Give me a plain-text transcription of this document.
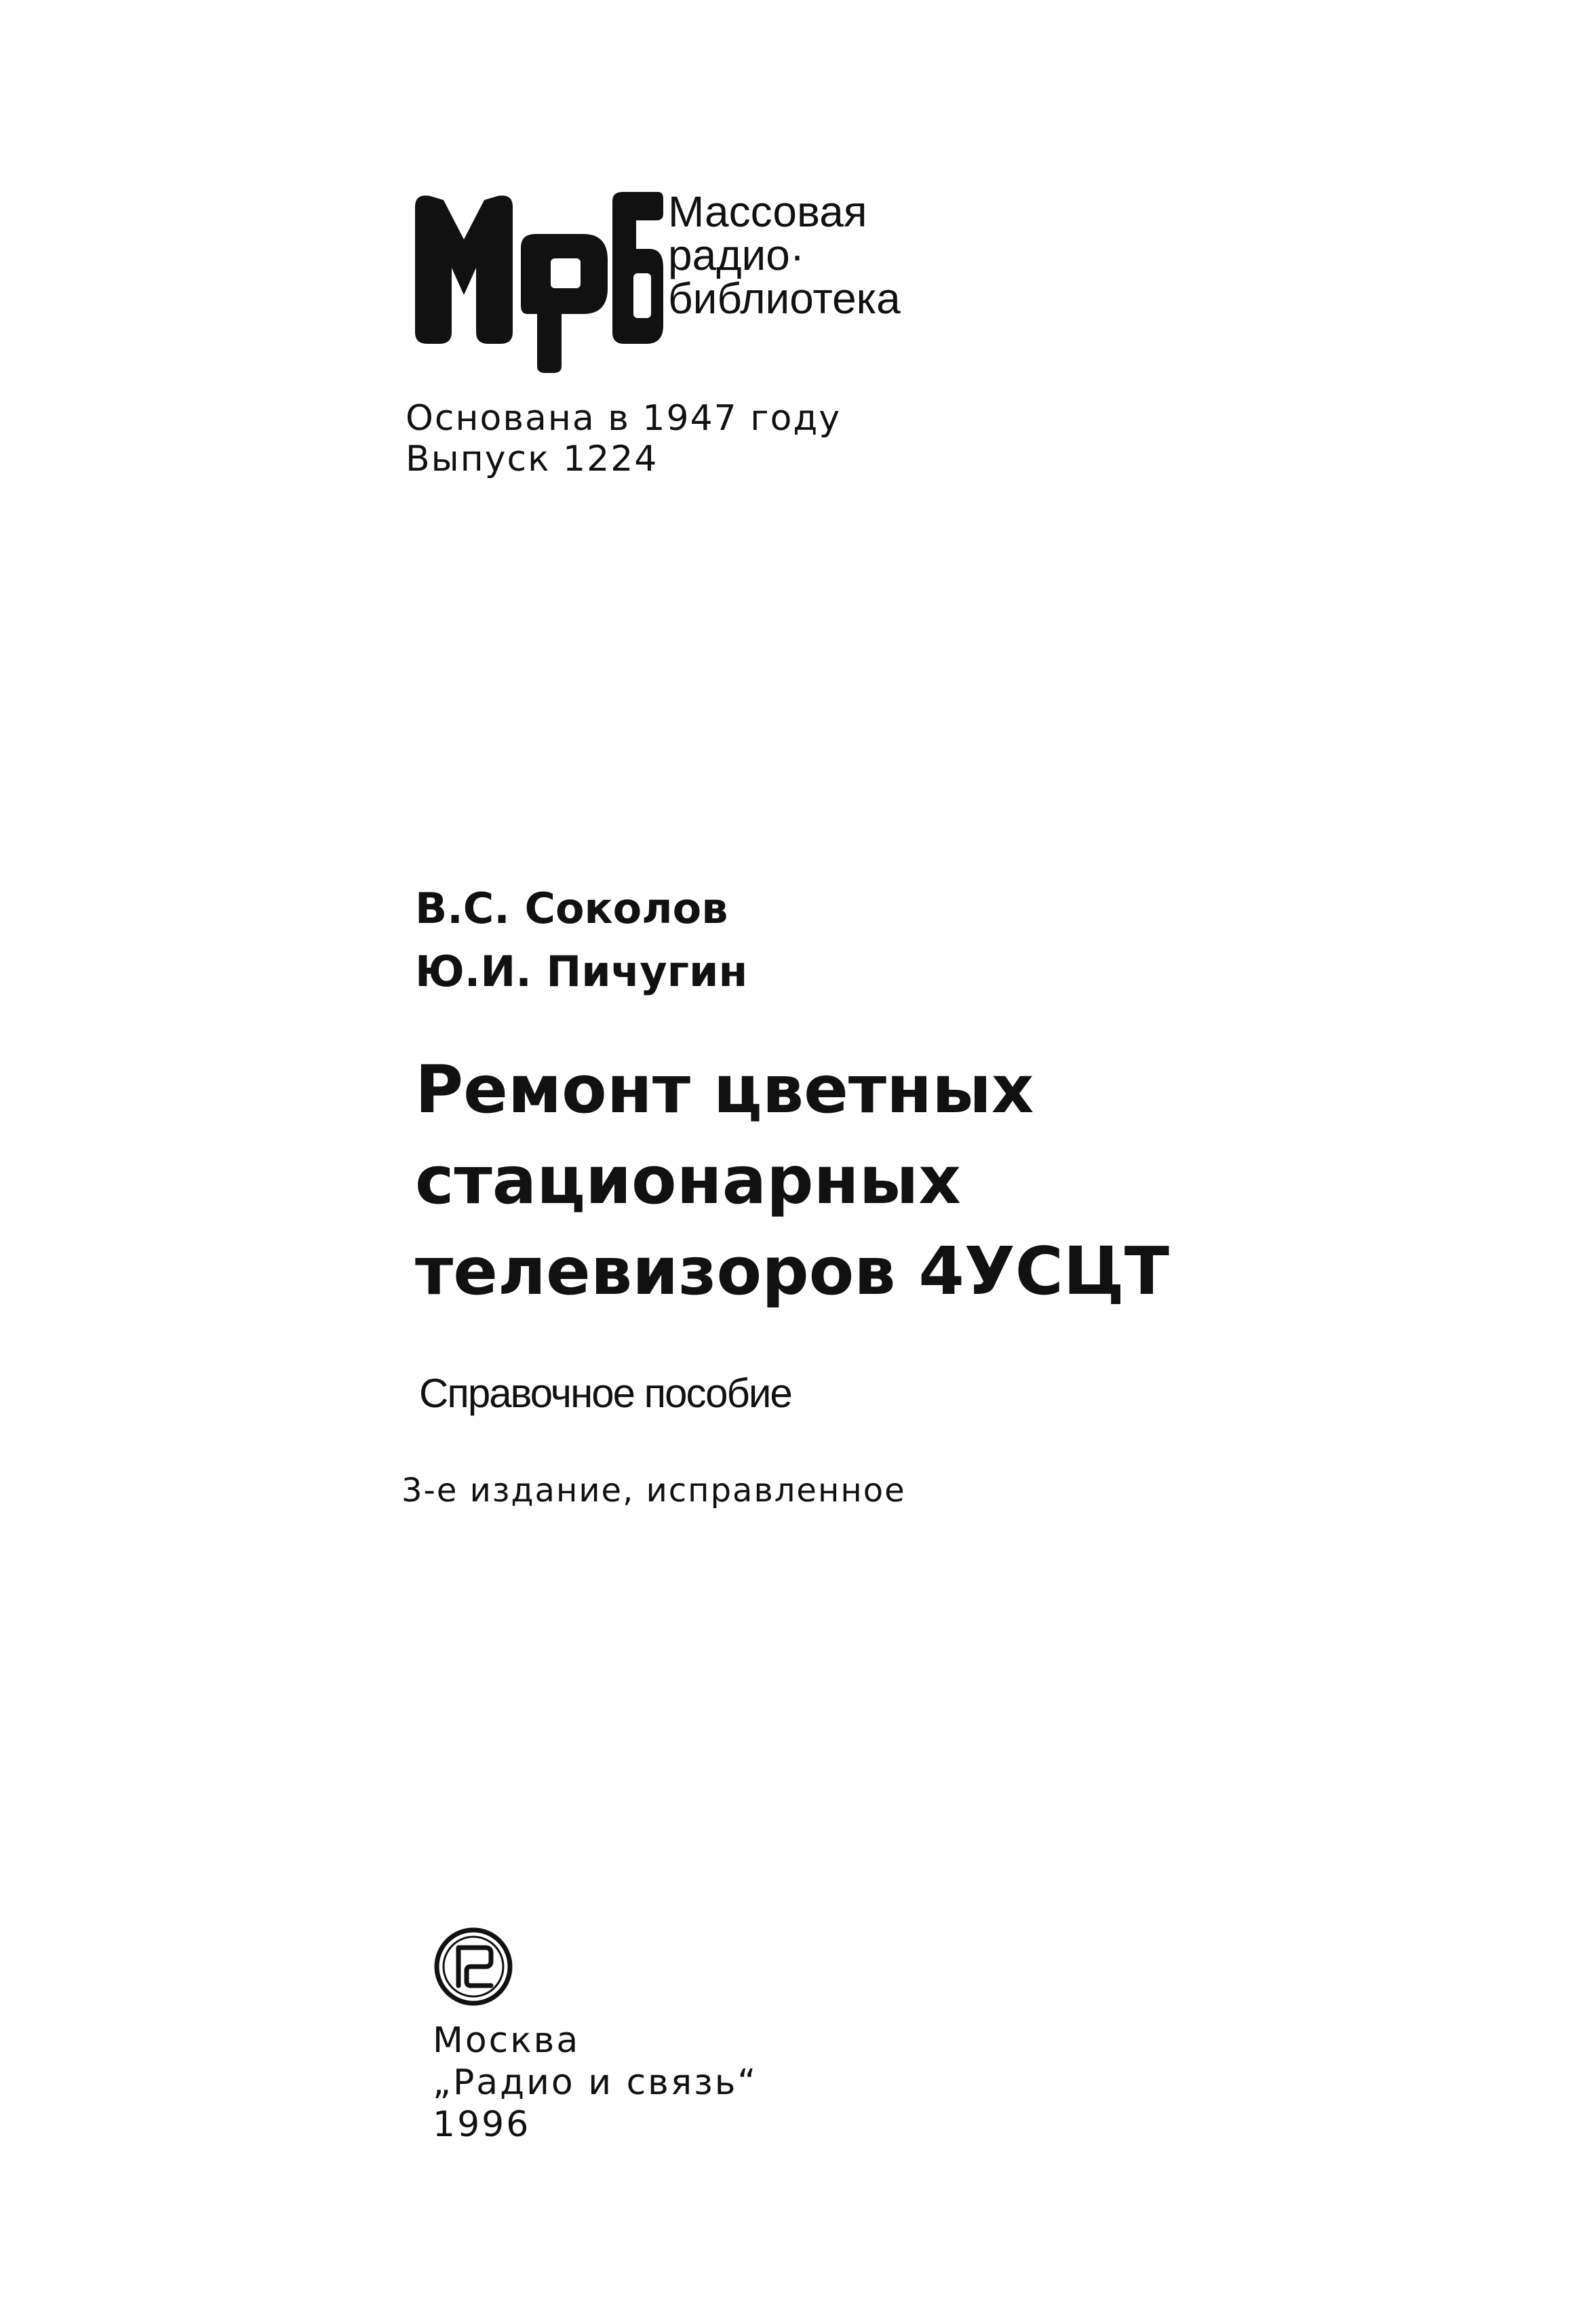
Массовая
радио·
библиотека
Основана в 1947 году
Выпуск 1224
В.С. Соколов
Ю.И. Пичугин
Ремонт цветных
стационарных
телевизоров 4УСЦТ
Справочное пособие
3-е издание, исправленное
Москва
„Радио и связь“
1996
